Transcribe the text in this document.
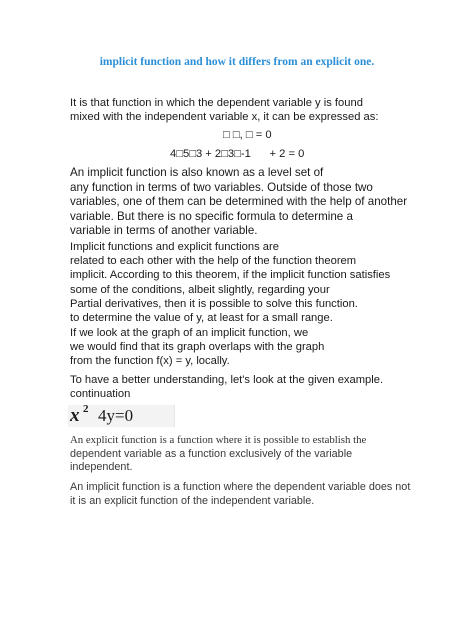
implicit function and how it differs from an explicit one.
It is that function in which the dependent variable y is found
mixed with the independent variable x, it can be expressed as:
□ □, □ = 0
4□5□3 + 2□3□-1      + 2 = 0
An implicit function is also known as a level set of
any function in terms of two variables. Outside of those two
variables, one of them can be determined with the help of another
variable. But there is no specific formula to determine a
variable in terms of another variable.
Implicit functions and explicit functions are
related to each other with the help of the function theorem
implicit. According to this theorem, if the implicit function satisfies
some of the conditions, albeit slightly, regarding your
Partial derivatives, then it is possible to solve this function.
to determine the value of y, at least for a small range.
If we look at the graph of an implicit function, we
we would find that its graph overlaps with the graph
from the function f(x) = y, locally.
To have a better understanding, let's look at the given example.
continuation
x 2 4y=0
An explicit function is a function where it is possible to establish the
dependent variable as a function exclusively of the variable
independent.
An implicit function is a function where the dependent variable does not
it is an explicit function of the independent variable.
